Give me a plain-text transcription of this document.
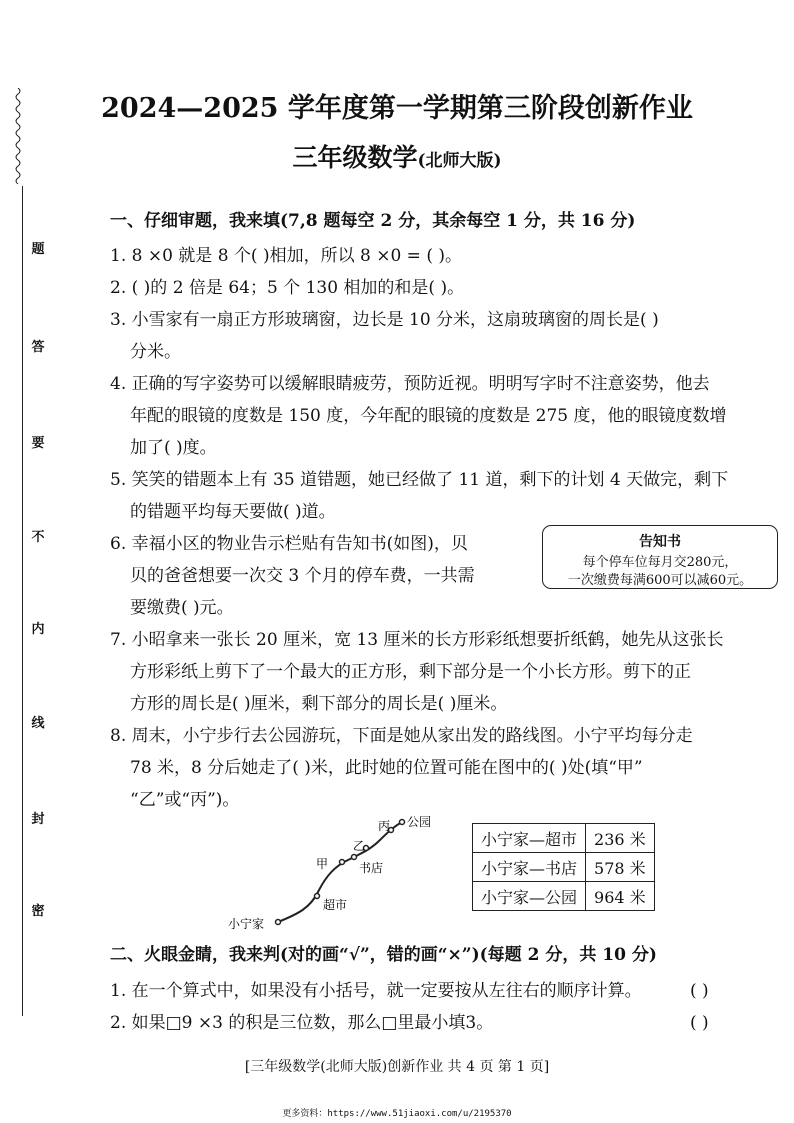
题
答
要
不
内
线
封
密
2024—2025 学年度第一学期第三阶段创新作业
三年级数学(北师大版)
一、仔细审题，我来填(7,8 题每空 2 分，其余每空 1 分，共 16 分)
1. 8 ×0 就是 8 个( )相加，所以 8 ×0 = ( )。
2. ( )的 2 倍是 64；5 个 130 相加的和是( )。
3. 小雪家有一扇正方形玻璃窗，边长是 10 分米，这扇玻璃窗的周长是( )
分米。
4. 正确的写字姿势可以缓解眼睛疲劳，预防近视。明明写字时不注意姿势，他去
年配的眼镜的度数是 150 度，今年配的眼镜的度数是 275 度，他的眼镜度数增
加了( )度。
5. 笑笑的错题本上有 35 道错题，她已经做了 11 道，剩下的计划 4 天做完，剩下
的错题平均每天要做( )道。
6. 幸福小区的物业告示栏贴有告知书(如图)，贝
贝的爸爸想要一次交 3 个月的停车费，一共需
要缴费( )元。
告知书
每个停车位每月交280元，
一次缴费每满600可以减60元。
7. 小昭拿来一张长 20 厘米，宽 13 厘米的长方形彩纸想要折纸鹤，她先从这张长
方形彩纸上剪下了一个最大的正方形，剩下部分是一个小长方形。剪下的正
方形的周长是( )厘米，剩下部分的周长是( )厘米。
8. 周末，小宁步行去公园游玩，下面是她从家出发的路线图。小宁平均每分走
78 米，8 分后她走了( )米，此时她的位置可能在图中的( )处(填“甲”
“乙”或“丙”)。
小宁家
超市
甲	书店
乙
丙 公园
小宁家—超市	236 米
小宁家—书店	578 米
小宁家—公园	964 米
二、火眼金睛，我来判(对的画“√”，错的画“×”)(每题 2 分，共 10 分)
1. 在一个算式中，如果没有小括号，就一定要按从左往右的顺序计算。	( )
2. 如果□9 ×3 的积是三位数，那么□里最小填3。	( )
[三年级数学(北师大版)创新作业 共 4 页 第 1 页]
更多资料：https://www.51jiaoxi.com/u/2195370
